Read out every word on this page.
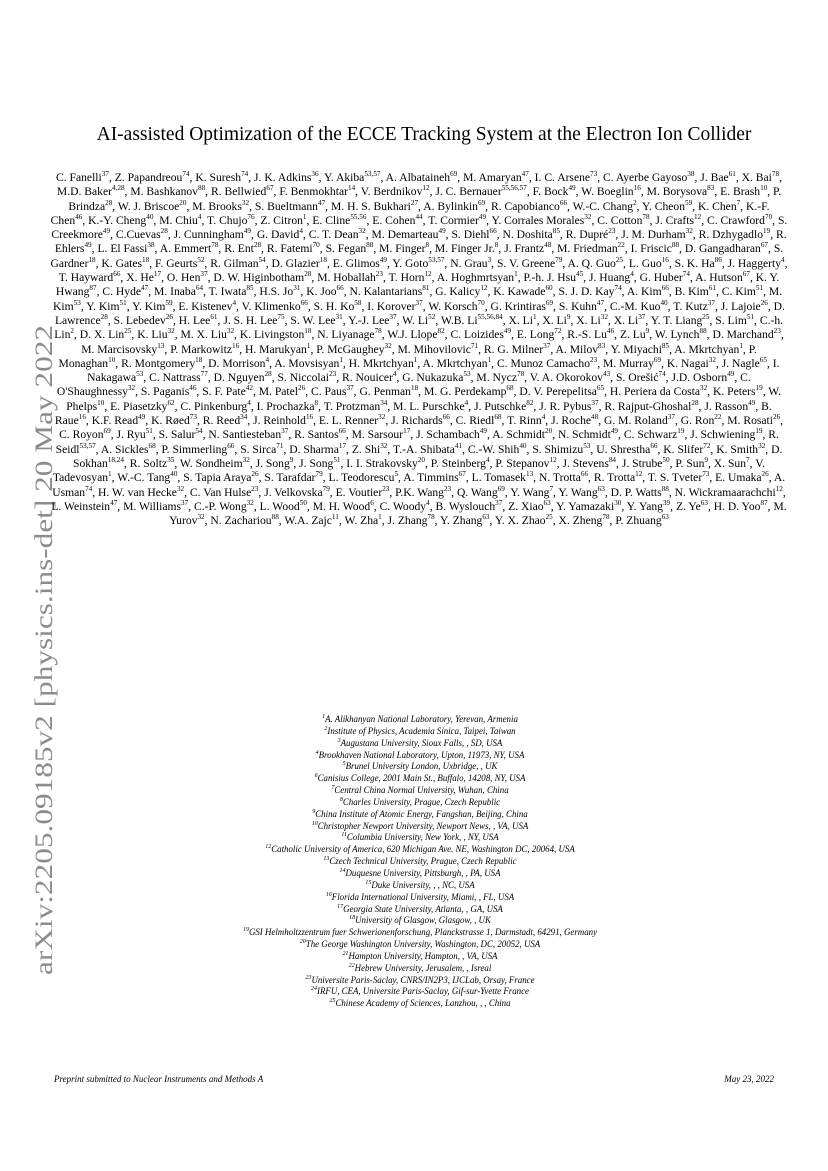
arXiv:2205.09185v2 [physics.ins-det] 20 May 2022
AI-assisted Optimization of the ECCE Tracking System at the Electron Ion Collider

C. Fanelli$^{37}$, Z. Papandreou$^{74}$, K. Suresh$^{74}$, J. K. Adkins$^{36}$, Y. Akiba$^{53,57}$, A. Albataineh$^{69}$, M. Amaryan$^{47}$, I. C. Arsene$^{73}$, C. Ayerbe Gayoso$^{38}$, J. Bae$^{61}$, X. Bai$^{78}$, M.D. Baker$^{4,28}$, M. Bashkanov$^{88}$, R. Bellwied$^{67}$, F. Benmokhtar$^{14}$, V. Berdnikov$^{12}$, J. C. Bernauer$^{55,56,57}$, F. Bock$^{49}$, W. Boeglin$^{16}$, M. Borysova$^{83}$, E. Brash$^{10}$, P. Brindza$^{28}$, W. J. Briscoe$^{20}$, M. Brooks$^{32}$, S. Bueltmann$^{47}$, M. H. S. Bukhari$^{27}$, A. Bylinkin$^{69}$, R. Capobianco$^{66}$, W.-C. Chang$^2$, Y. Cheon$^{59}$, K. Chen$^7$, K.-F. Chen$^{46}$, K.-Y. Cheng$^{40}$, M. Chiu$^4$, T. Chujo$^{76}$, Z. Citron$^1$, E. Cline$^{55,56}$, E. Cohen$^{44}$, T. Cormier$^{49}$, Y. Corrales Morales$^{32}$, C. Cotton$^{78}$, J. Crafts$^{12}$, C. Crawford$^{70}$, S. Creekmore$^{49}$, C.Cuevas$^{28}$, J. Cunningham$^{49}$, G. David$^4$, C. T. Dean$^{32}$, M. Demarteau$^{49}$, S. Diehl$^{66}$, N. Doshita$^{85}$, R. Dupré$^{23}$, J. M. Durham$^{32}$, R. Dzhygadlo$^{19}$, R. Ehlers$^{49}$, L. El Fassi$^{38}$, A. Emmert$^{78}$, R. Ent$^{28}$, R. Fatemi$^{70}$, S. Fegan$^{88}$, M. Finger$^8$, M. Finger Jr.$^8$, J. Frantz$^{48}$, M. Friedman$^{22}$, I. Friscic$^{88}$, D. Gangadharan$^{67}$, S. Gardner$^{18}$, K. Gates$^{18}$, F. Geurts$^{52}$, R. Gilman$^{54}$, D. Glazier$^{18}$, E. Glimos$^{49}$, Y. Goto$^{53,57}$, N. Grau$^3$, S. V. Greene$^{79}$, A. Q. Guo$^{25}$, L. Guo$^{16}$, S. K. Ha$^{86}$, J. Haggerty$^4$, T. Hayward$^{66}$, X. He$^{17}$, O. Hen$^{37}$, D. W. Higinbotham$^{28}$, M. Hoballah$^{23}$, T. Horn$^{12}$, A. Hoghmrtsyan$^1$, P.-h. J. Hsu$^{45}$, J. Huang$^4$, G. Huber$^{74}$, A. Hutson$^{67}$, K. Y. Hwang$^{87}$, C. Hyde$^{47}$, M. Inaba$^{64}$, T. Iwata$^{85}$, H.S. Jo$^{31}$, K. Joo$^{66}$, N. Kalantarians$^{81}$, G. Kalicy$^{12}$, K. Kawade$^{60}$, S. J. D. Kay$^{74}$, A. Kim$^{66}$, B. Kim$^{61}$, C. Kim$^{51}$, M. Kim$^{53}$, Y. Kim$^{51}$, Y. Kim$^{59}$, E. Kistenev$^4$, V. Klimenko$^{66}$, S. H. Ko$^{58}$, I. Korover$^{37}$, W. Korsch$^{70}$, G. Krintiras$^{69}$, S. Kuhn$^{47}$, C.-M. Kuo$^{40}$, T. Kutz$^{37}$, J. Lajoie$^{26}$, D. Lawrence$^{28}$, S. Lebedev$^{26}$, H. Lee$^{61}$, J. S. H. Lee$^{75}$, S. W. Lee$^{31}$, Y.-J. Lee$^{37}$, W. Li$^{52}$, W.B. Li$^{55,56,84}$, X. Li$^1$, X. Li$^9$, X. Li$^{32}$, X. Li$^{37}$, Y. T. Liang$^{25}$, S. Lim$^{51}$, C.-h. Lin$^2$, D. X. Lin$^{25}$, K. Liu$^{32}$, M. X. Liu$^{32}$, K. Livingston$^{18}$, N. Liyanage$^{78}$, W.J. Llope$^{82}$, C. Loizides$^{49}$, E. Long$^{72}$, R.-S. Lu$^{46}$, Z. Lu$^9$, W. Lynch$^{88}$, D. Marchand$^{23}$, M. Marcisovsky$^{13}$, P. Markowitz$^{16}$, H. Marukyan$^1$, P. McGaughey$^{32}$, M. Mihovilovic$^{71}$, R. G. Milner$^{37}$, A. Milov$^{83}$, Y. Miyachi$^{85}$, A. Mkrtchyan$^1$, P. Monaghan$^{10}$, R. Montgomery$^{18}$, D. Morrison$^4$, A. Movsisyan$^1$, H. Mkrtchyan$^1$, A. Mkrtchyan$^1$, C. Munoz Camacho$^{23}$, M. Murray$^{69}$, K. Nagai$^{32}$, J. Nagle$^{65}$, I. Nakagawa$^{53}$, C. Nattrass$^{77}$, D. Nguyen$^{28}$, S. Niccolai$^{23}$, R. Nouicer$^4$, G. Nukazuka$^{53}$, M. Nycz$^{78}$, V. A. Okorokov$^{43}$, S. Orešić$^{74}$, J.D. Osborn$^{49}$, C. O'Shaughnessy$^{32}$, S. Paganis$^{46}$, S. F. Pate$^{42}$, M. Patel$^{26}$, C. Paus$^{37}$, G. Penman$^{18}$, M. G. Perdekamp$^{68}$, D. V. Perepelitsa$^{65}$, H. Periera da Costa$^{32}$, K. Peters$^{19}$, W. Phelps$^{10}$, E. Piasetzky$^{62}$, C. Pinkenburg$^4$, I. Prochazka$^8$, T. Protzman$^{34}$, M. L. Purschke$^4$, J. Putschke$^{82}$, J. R. Pybus$^{37}$, R. Rajput-Ghoshal$^{28}$, J. Rasson$^{49}$, B. Raue$^{16}$, K.F. Read$^{49}$, K. Røed$^{73}$, R. Reed$^{34}$, J. Reinhold$^{16}$, E. L. Renner$^{32}$, J. Richards$^{66}$, C. Riedl$^{68}$, T. Rinn$^4$, J. Roche$^{48}$, G. M. Roland$^{37}$, G. Ron$^{22}$, M. Rosati$^{26}$, C. Royon$^{69}$, J. Ryu$^{51}$, S. Salur$^{54}$, N. Santiesteban$^{37}$, R. Santos$^{66}$, M. Sarsour$^{17}$, J. Schambach$^{49}$, A. Schmidt$^{20}$, N. Schmidt$^{49}$, C. Schwarz$^{19}$, J. Schwiening$^{19}$, R. Seidl$^{53,57}$, A. Sickles$^{68}$, P. Simmerling$^{66}$, S. Sirca$^{71}$, D. Sharma$^{17}$, Z. Shi$^{32}$, T.-A. Shibata$^{41}$, C.-W. Shih$^{40}$, S. Shimizu$^{53}$, U. Shrestha$^{66}$, K. Slifer$^{72}$, K. Smith$^{32}$, D. Sokhan$^{18,24}$, R. Soltz$^{35}$, W. Sondheim$^{32}$, J. Song$^9$, J. Song$^{51}$, I. I. Strakovsky$^{20}$, P. Steinberg$^4$, P. Stepanov$^{12}$, J. Stevens$^{84}$, J. Strube$^{50}$, P. Sun$^9$, X. Sun$^7$, V. Tadevosyan$^1$, W.-C. Tang$^{40}$, S. Tapia Araya$^{26}$, S. Tarafdar$^{79}$, L. Teodorescu$^5$, A. Timmins$^{67}$, L. Tomasek$^{13}$, N. Trotta$^{66}$, R. Trotta$^{12}$, T. S. Tveter$^{73}$, E. Umaka$^{26}$, A. Usman$^{74}$, H. W. van Hecke$^{32}$, C. Van Hulse$^{23}$, J. Velkovska$^{79}$, E. Voutier$^{23}$, P.K. Wang$^{23}$, Q. Wang$^{69}$, Y. Wang$^7$, Y. Wang$^{63}$, D. P. Watts$^{88}$, N. Wickramaarachchi$^{12}$, L. Weinstein$^{47}$, M. Williams$^{37}$, C.-P. Wong$^{32}$, L. Wood$^{50}$, M. H. Wood$^6$, C. Woody$^4$, B. Wyslouch$^{37}$, Z. Xiao$^{63}$, Y. Yamazaki$^{30}$, Y. Yang$^{39}$, Z. Ye$^{63}$, H. D. Yoo$^{87}$, M. Yurov$^{32}$, N. Zachariou$^{88}$, W.A. Zajc$^{11}$, W. Zha$^1$, J. Zhang$^{78}$, Y. Zhang$^{63}$, Y. X. Zhao$^{25}$, X. Zheng$^{78}$, P. Zhuang$^{63}$

$^1$A. Alikhanyan National Laboratory, Yerevan, Armenia
$^2$Institute of Physics, Academia Sinica, Taipei, Taiwan
$^3$Augustana University, Sioux Falls, , SD, USA
$^4$Brookhaven National Laboratory, Upton, 11973, NY, USA
$^5$Brunel University London, Uxbridge, , UK
$^6$Canisius College, 2001 Main St., Buffalo, 14208, NY, USA
$^7$Central China Normal University, Wuhan, China
$^8$Charles University, Prague, Czech Republic
$^9$China Institute of Atomic Energy, Fangshan, Beijing, China
$^{10}$Christopher Newport University, Newport News, , VA, USA
$^{11}$Columbia University, New York, , NY, USA
$^{12}$Catholic University of America, 620 Michigan Ave. NE, Washington DC, 20064, USA
$^{13}$Czech Technical University, Prague, Czech Republic
$^{14}$Duquesne University, Pittsburgh, , PA, USA
$^{15}$Duke University, , , NC, USA
$^{16}$Florida International University, Miami, , FL, USA
$^{17}$Georgia State University, Atlanta, , GA, USA
$^{18}$University of Glasgow, Glasgow, , UK
$^{19}$GSI Helmholtzzentrum fuer Schwerionenforschung, Planckstrasse 1, Darmstadt, 64291, Germany
$^{20}$The George Washington University, Washington, DC, 20052, USA
$^{21}$Hampton University, Hampton, , VA, USA
$^{22}$Hebrew University, Jerusalem, , Isreal
$^{23}$Universite Paris-Saclay, CNRS/IN2P3, IJCLab, Orsay, France
$^{24}$IRFU, CEA, Universite Paris-Saclay, Gif-sur-Yvette France
$^{25}$Chinese Academy of Sciences, Lanzhou, , , China
Preprint submitted to Nuclear Instruments and Methods A	May 23, 2022
